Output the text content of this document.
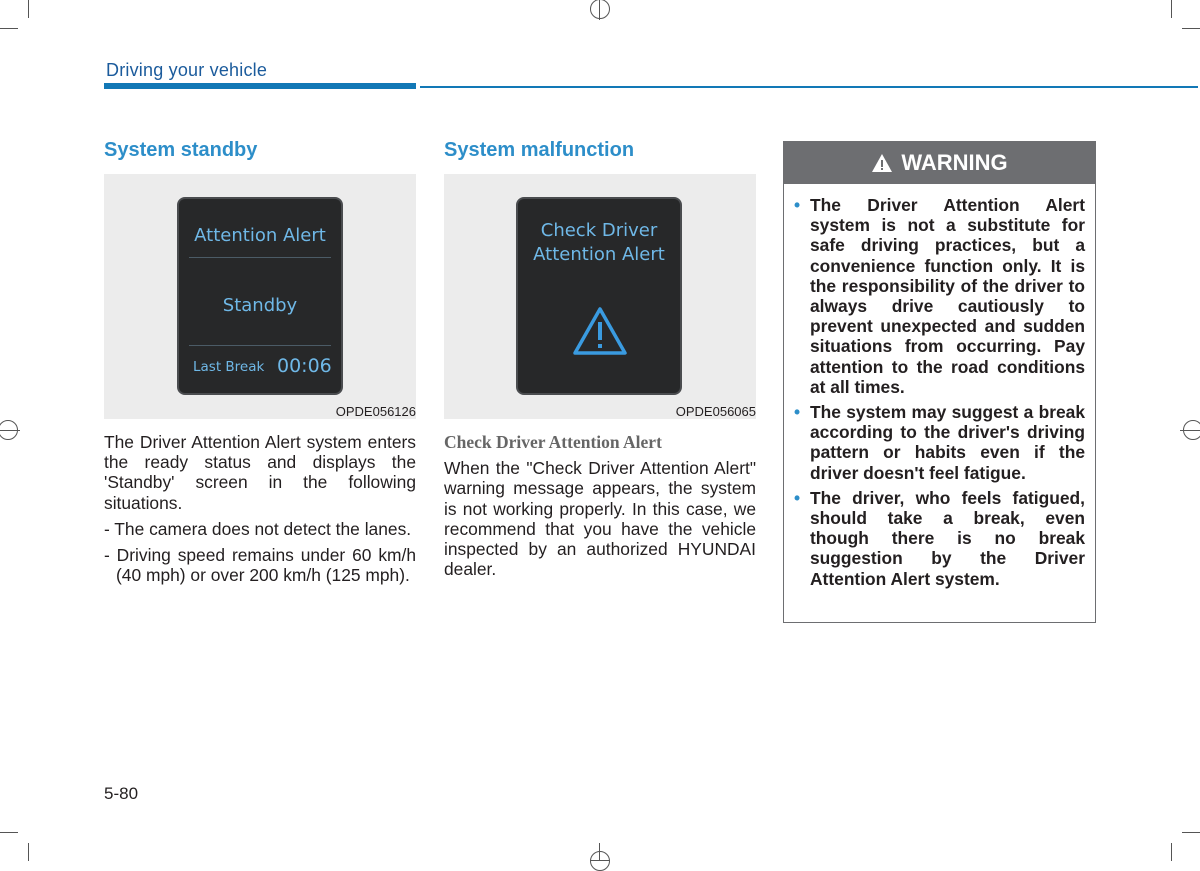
Driving your vehicle
System standby
Attention Alert
Standby
Last Break 00:06
OPDE056126

The Driver Attention Alert system enters the ready status and displays the 'Standby' screen in the following situations.

- The camera does not detect the lanes.

- Driving speed remains under 60 km/h (40 mph) or over 200 km/h (125 mph).

System malfunction
Check Driver
Attention Alert
OPDE056065
Check Driver Attention Alert

When the "Check Driver Attention Alert" warning message appears, the system is not working properly. In this case, we recommend that you have the vehicle inspected by an authorized HYUNDAI dealer.

WARNING
• The Driver Attention Alert system is not a substitute for safe driving practices, but a convenience function only. It is the responsibility of the driver to always drive cautiously to prevent unexpected and sudden situations from occurring. Pay attention to the road conditions at all times.
• The system may suggest a break according to the driver's driving pattern or habits even if the driver doesn't feel fatigue.
• The driver, who feels fatigued, should take a break, even though there is no break suggestion by the Driver Attention Alert system.
5-80
